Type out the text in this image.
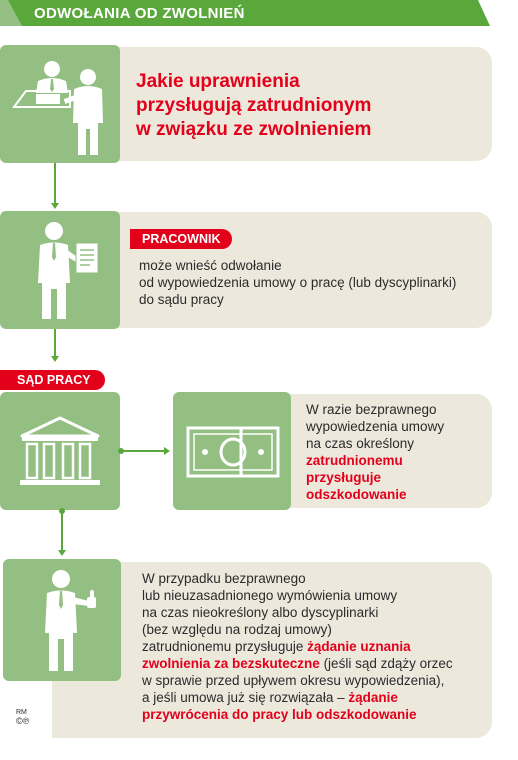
ODWOŁANIA OD ZWOLNIEŃ
Jakie uprawnienia
przysługują zatrudnionym
w związku ze zwolnieniem
PRACOWNIK
może wnieść odwołanie
od wypowiedzenia umowy o pracę (lub dyscyplinarki)
do sądu pracy
SĄD PRACY
W razie bezprawnego
wypowiedzenia umowy
na czas określony
zatrudnionemu
przysługuje
odszkodowanie
W przypadku bezprawnego
lub nieuzasadnionego wymówienia umowy
na czas nieokreślony albo dyscyplinarki
(bez względu na rodzaj umowy)
zatrudnionemu przysługuje żądanie uznania
zwolnienia za bezskuteczne (jeśli sąd zdąży orzec
w sprawie przed upływem okresu wypowiedzenia),
a jeśli umowa już się rozwiązała – żądanie
przywrócenia do pracy lub odszkodowanie
RM
©℗
